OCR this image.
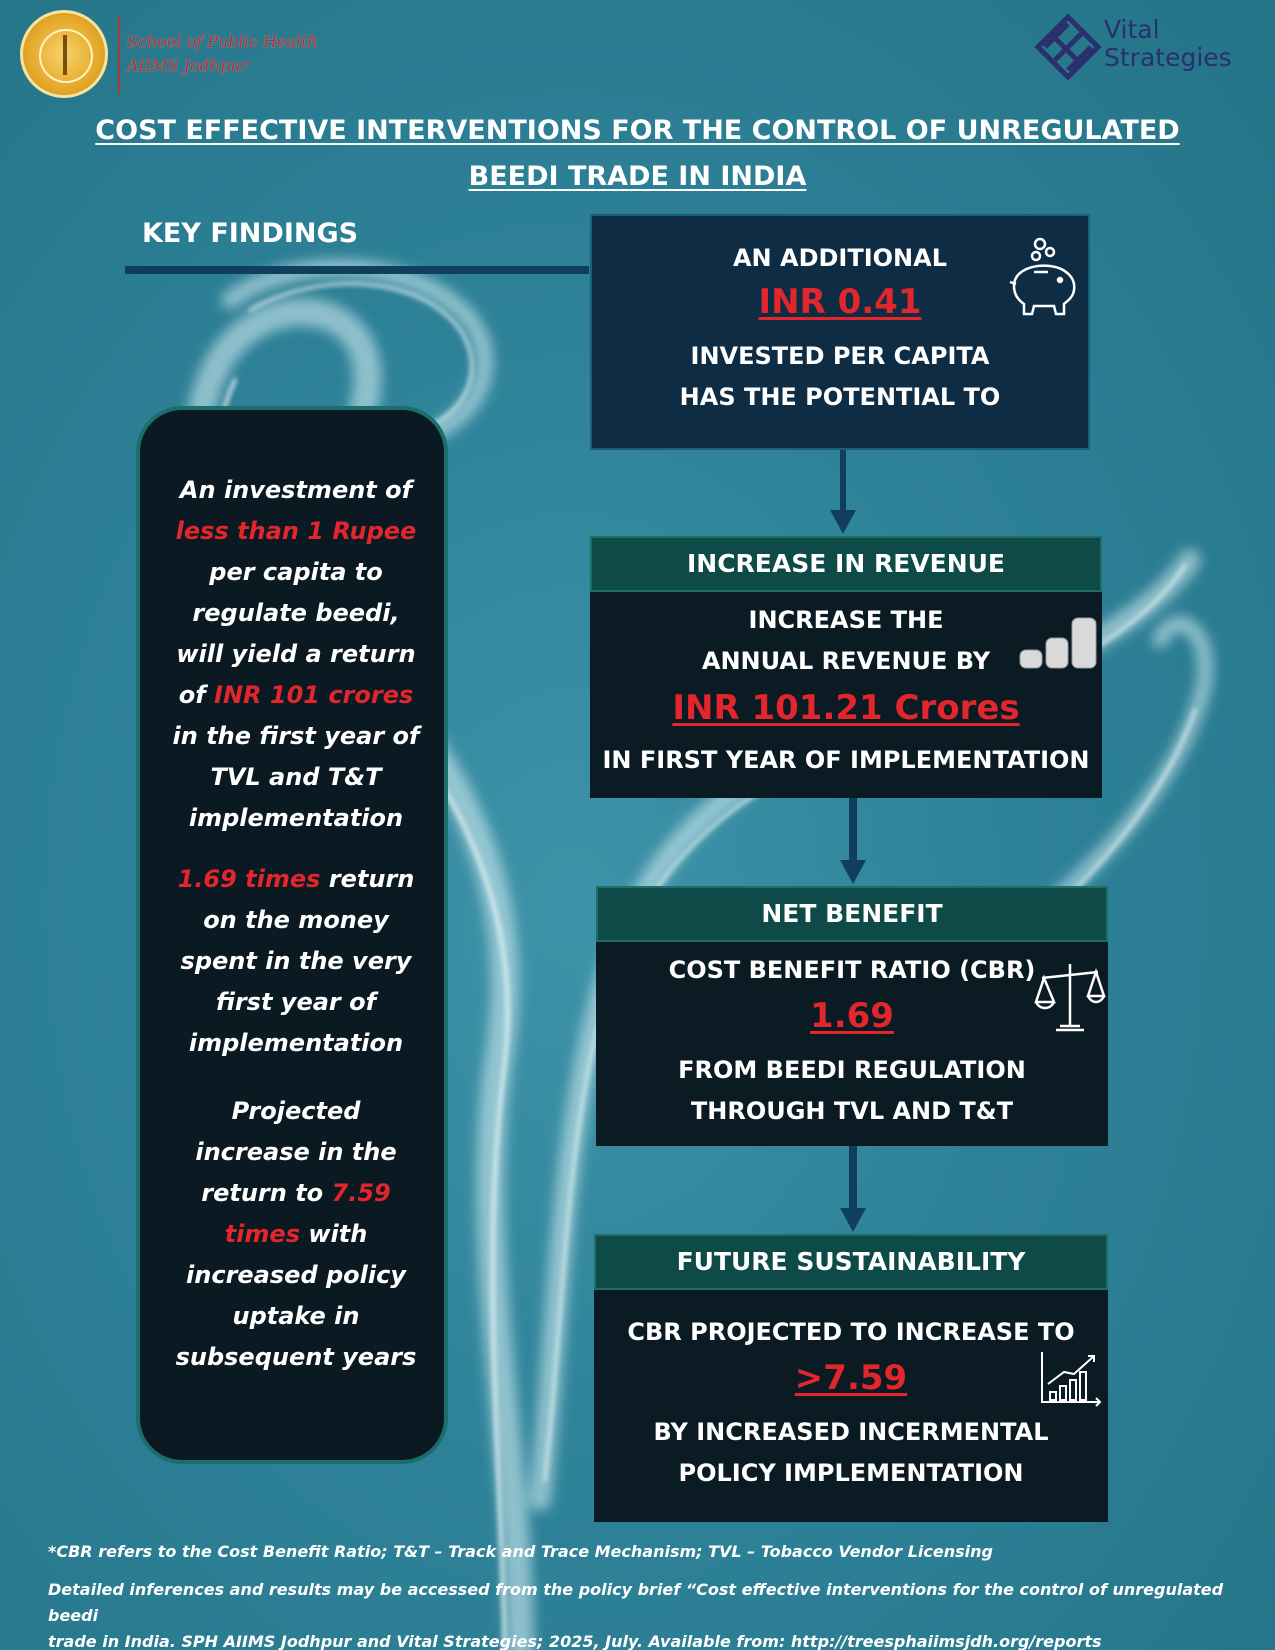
School of Public Health
AIIMS Jodhpur
Vital
Strategies
COST EFFECTIVE INTERVENTIONS FOR THE CONTROL OF UNREGULATED
BEEDI TRADE IN INDIA
KEY FINDINGS
An investment of
less than 1 Rupee
per capita to
regulate beedi,
will yield a return
of INR 101 crores
in the first year of
TVL and T&T
implementation
1.69 times return
on the money
spent in the very
first year of
implementation
Projected
increase in the
return to 7.59
times with
increased policy
uptake in
subsequent years
AN ADDITIONAL
INR 0.41
INVESTED PER CAPITA
HAS THE POTENTIAL TO
INCREASE IN REVENUE
INCREASE THE
ANNUAL REVENUE BY
INR 101.21 Crores
IN FIRST YEAR OF IMPLEMENTATION
NET BENEFIT
COST BENEFIT RATIO (CBR)
1.69
FROM BEEDI REGULATION
THROUGH TVL AND T&T
FUTURE SUSTAINABILITY
CBR PROJECTED TO INCREASE TO
>7.59
BY INCREASED INCERMENTAL
POLICY IMPLEMENTATION
*CBR refers to the Cost Benefit Ratio; T&T – Track and Trace Mechanism; TVL – Tobacco Vendor Licensing
Detailed inferences and results may be accessed from the policy brief “Cost effective interventions for the control of unregulated beedi
trade in India. SPH AIIMS Jodhpur and Vital Strategies; 2025, July. Available from: http://treesphaiimsjdh.org/reports
